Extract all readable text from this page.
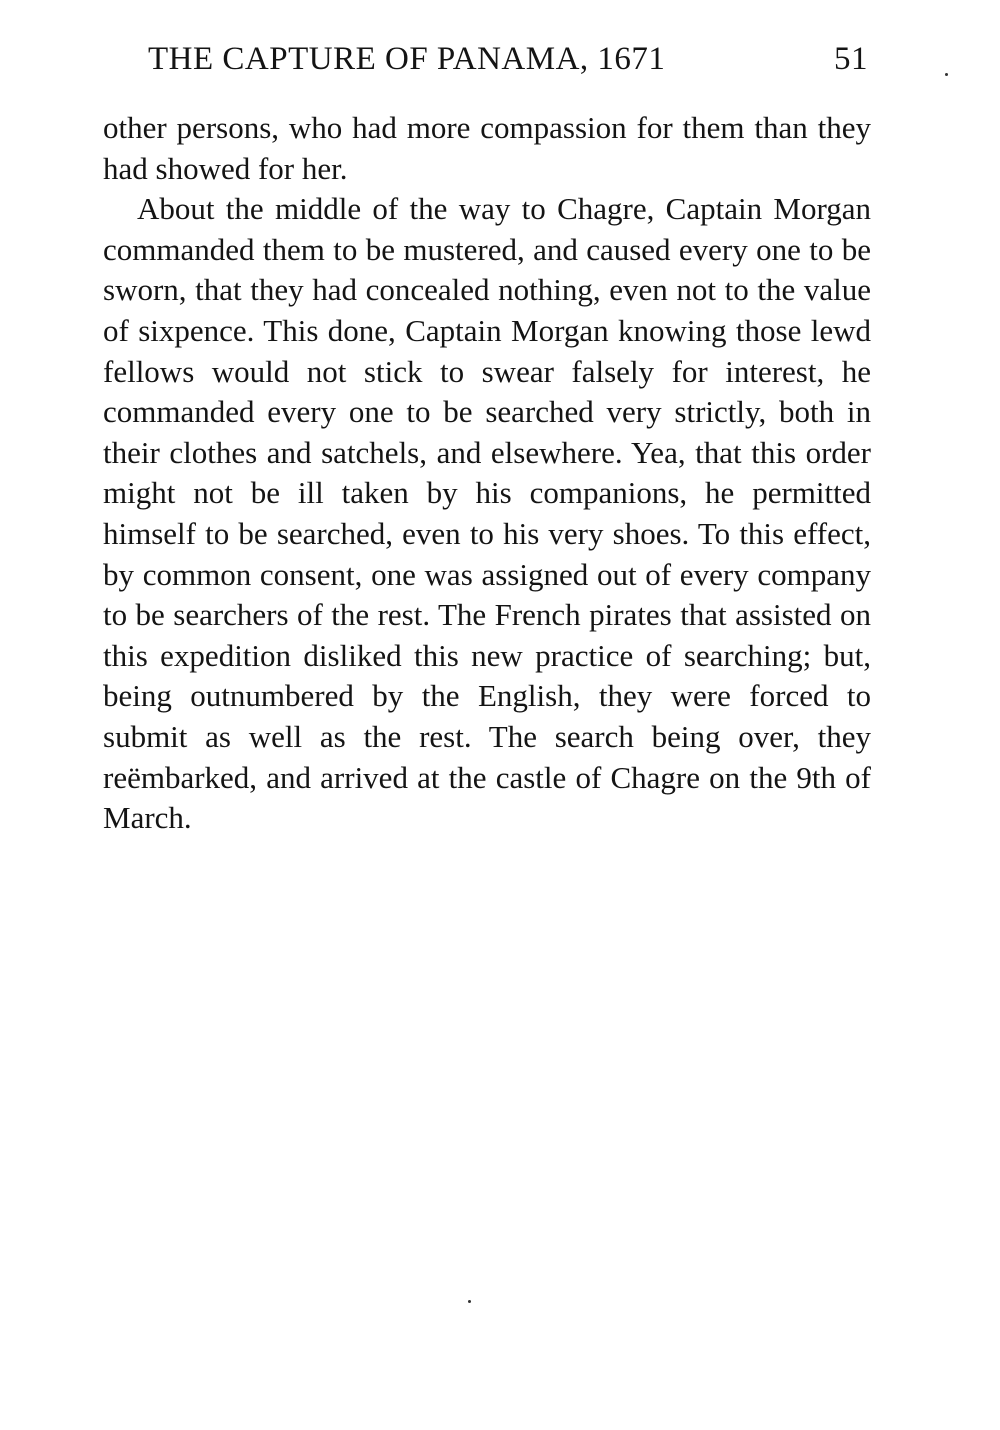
THE CAPTURE OF PANAMA, 1671	51

other persons, who had more compassion for them than they had showed for her.

About the middle of the way to Chagre, Captain Morgan commanded them to be mustered, and caused every one to be sworn, that they had concealed nothing, even not to the value of sixpence. This done, Captain Morgan knowing those lewd fellows would not stick to swear falsely for interest, he commanded every one to be searched very strictly, both in their clothes and satchels, and elsewhere. Yea, that this order might not be ill taken by his companions, he permitted himself to be searched, even to his very shoes. To this effect, by common consent, one was assigned out of every company to be searchers of the rest. The French pirates that assisted on this expedition disliked this new practice of searching; but, being outnumbered by the English, they were forced to submit as well as the rest. The search being over, they reëmbarked, and arrived at the castle of Chagre on the 9th of March.
